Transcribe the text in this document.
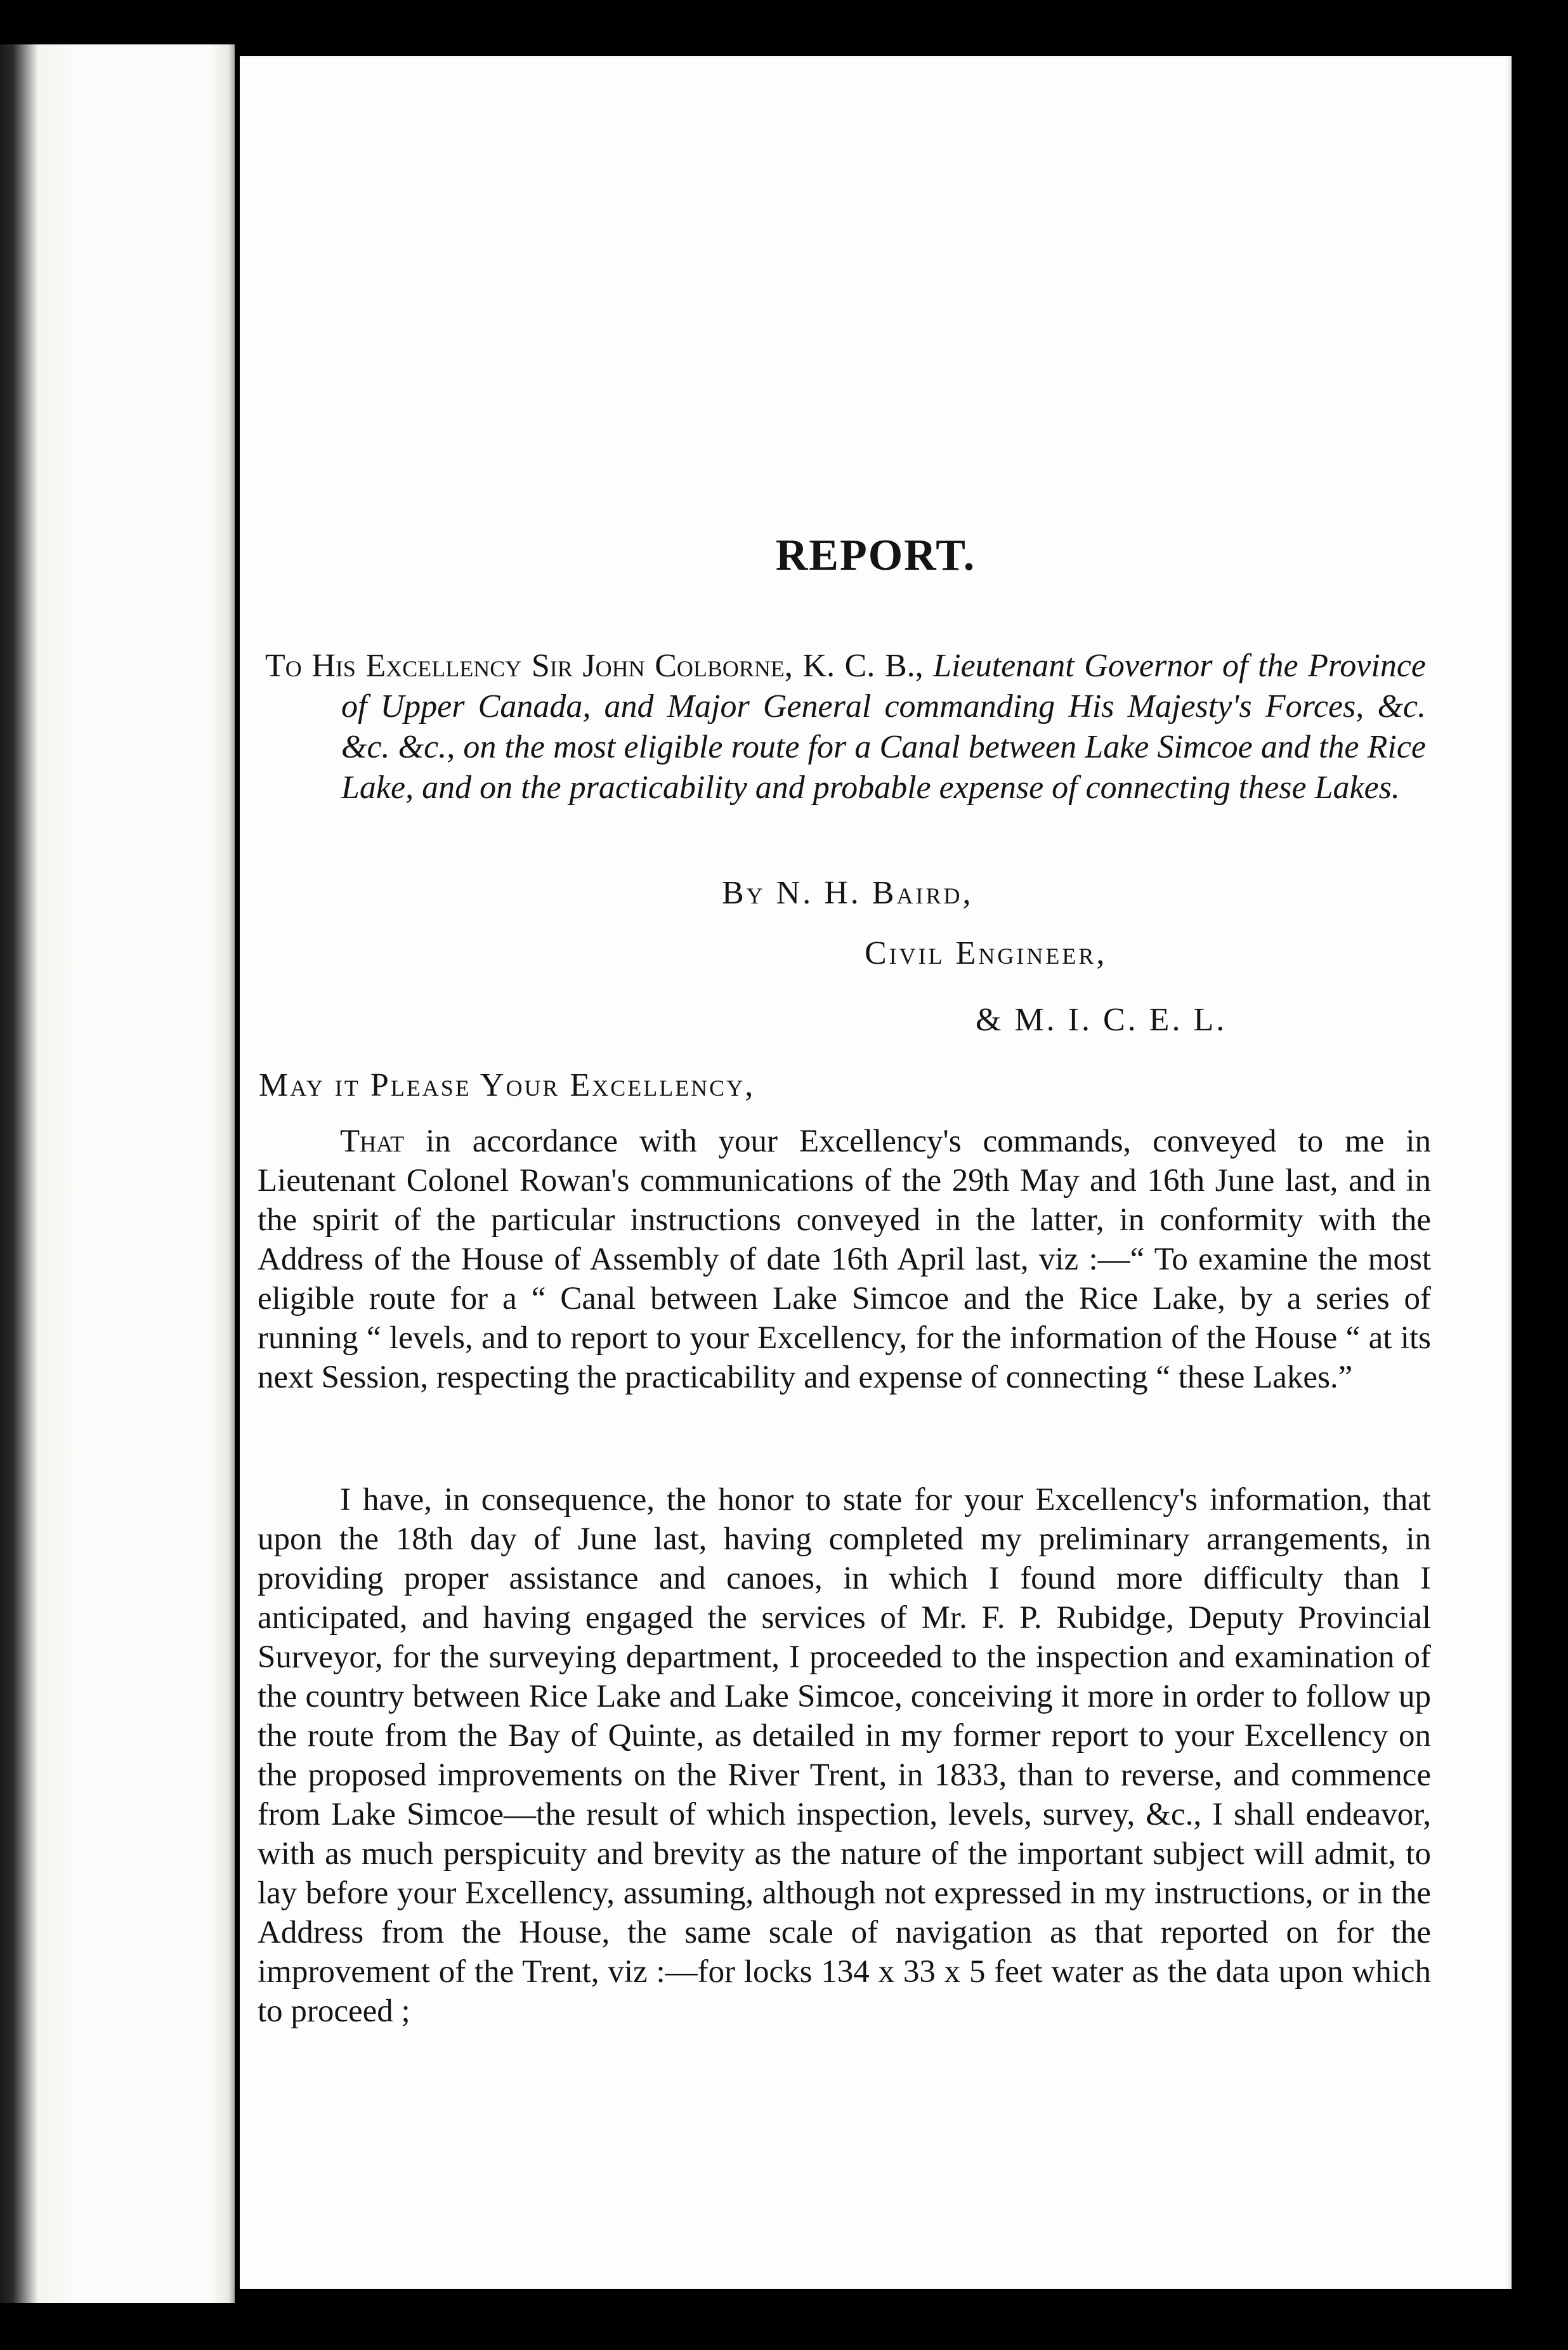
REPORT.

To His Excellency Sir John Colborne, K. C. B., Lieutenant Governor of the Province of Upper Canada, and Major General commanding His Majesty's Forces, &c. &c. &c., on the most eligible route for a Canal between Lake Simcoe and the Rice Lake, and on the practicability and probable expense of connecting these Lakes.

By N. H. Baird,
Civil Engineer,
& M. I. C. E. L.
May it Please Your Excellency,

That in accordance with your Excellency's commands, conveyed to me in Lieutenant Colonel Rowan's communications of the 29th May and 16th June last, and in the spirit of the particular instructions conveyed in the latter, in conformity with the Address of the House of Assembly of date 16th April last, viz :—“ To examine the most eligible route for a “ Canal between Lake Simcoe and the Rice Lake, by a series of running “ levels, and to report to your Excellency, for the information of the House “ at its next Session, respecting the practicability and expense of connecting “ these Lakes.”

I have, in consequence, the honor to state for your Excellency's information, that upon the 18th day of June last, having completed my preliminary arrangements, in providing proper assistance and canoes, in which I found more difficulty than I anticipated, and having engaged the services of Mr. F. P. Rubidge, Deputy Provincial Surveyor, for the surveying department, I proceeded to the inspection and examination of the country between Rice Lake and Lake Simcoe, conceiving it more in order to follow up the route from the Bay of Quinte, as detailed in my former report to your Excellency on the proposed improvements on the River Trent, in 1833, than to reverse, and commence from Lake Simcoe—the result of which inspection, levels, survey, &c., I shall endeavor, with as much perspicuity and brevity as the nature of the important subject will admit, to lay before your Excellency, assuming, although not expressed in my instructions, or in the Address from the House, the same scale of navigation as that reported on for the improvement of the Trent, viz :—for locks 134 x 33 x 5 feet water as the data upon which to proceed ;
